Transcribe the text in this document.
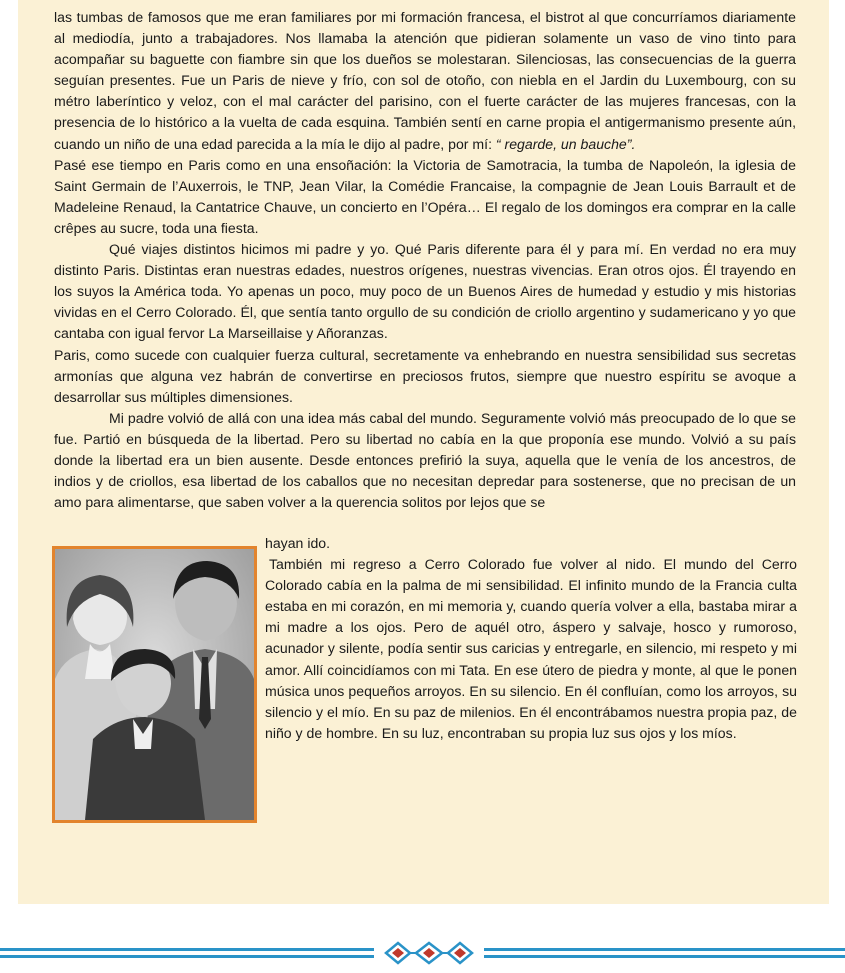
las tumbas de famosos que me eran familiares por mi formación francesa, el bistrot al que concurríamos diariamente al mediodía, junto a trabajadores. Nos llamaba la atención que pidieran solamente un vaso de vino tinto para acompañar su baguette con fiambre sin que los dueños se molestaran. Silenciosas, las consecuencias de la guerra seguían presentes. Fue un Paris de nieve y frío, con sol de otoño, con niebla en el Jardin du Luxembourg, con su métro laberíntico y veloz, con el mal carácter del parisino, con el fuerte carácter de las mujeres francesas, con la presencia de lo histórico a la vuelta de cada esquina. También sentí en carne propia el antigermanismo presente aún, cuando un niño de una edad parecida a la mía le dijo al padre, por mí: “ regarde, un bauche”.

Pasé ese tiempo en Paris como en una ensoñación: la Victoria de Samotracia, la tumba de Napoleón, la iglesia de Saint Germain de l’Auxerrois, le TNP, Jean Vilar, la Comédie Francaise, la compagnie de Jean Louis Barrault et de Madeleine Renaud, la Cantatrice Chauve, un concierto en l’Opéra… El regalo de los domingos era comprar en la calle crêpes au sucre, toda una fiesta.

Qué viajes distintos hicimos mi padre y yo. Qué Paris diferente para él y para mí. En verdad no era muy distinto Paris. Distintas eran nuestras edades, nuestros orígenes, nuestras vivencias. Eran otros ojos. Él trayendo en los suyos la América toda. Yo apenas un poco, muy poco de un Buenos Aires de humedad y estudio y mis historias vividas en el Cerro Colorado. Él, que sentía tanto orgullo de su condición de criollo argentino y sudamericano y yo que cantaba con igual fervor La Marseillaise y Añoranzas.

Paris, como sucede con cualquier fuerza cultural, secretamente va enhebrando en nuestra sensibilidad sus secretas armonías que alguna vez habrán de convertirse en preciosos frutos, siempre que nuestro espíritu se avoque a desarrollar sus múltiples dimensiones.

Mi padre volvió de allá con una idea más cabal del mundo. Seguramente volvió más preocupado de lo que se fue. Partió en búsqueda de la libertad. Pero su libertad no cabía en la que proponía ese mundo. Volvió a su país donde la libertad era un bien ausente. Desde entonces prefirió la suya, aquella que le venía de los ancestros, de indios y de criollos, esa libertad de los caballos que no necesitan depredar para sostenerse, que no precisan de un amo para alimentarse, que saben volver a la querencia solitos por lejos que se

hayan ido.

También mi regreso a Cerro Colorado fue volver al nido. El mundo del Cerro Colorado cabía en la palma de mi sensibilidad. El infinito mundo de la Francia culta estaba en mi corazón, en mi memoria y, cuando quería volver a ella, bastaba mirar a mi madre a los ojos. Pero de aquél otro, áspero y salvaje, hosco y rumoroso, acunador y silente, podía sentir sus caricias y entregarle, en silencio, mi respeto y mi amor. Allí coincidíamos con mi Tata. En ese útero de piedra y monte, al que le ponen música unos pequeños arroyos. En su silencio. En él confluían, como los arroyos, su silencio y el mío. En su paz de milenios. En él encontrábamos nuestra propia paz, de niño y de hombre. En su luz, encontraban su propia luz sus ojos y los míos.
